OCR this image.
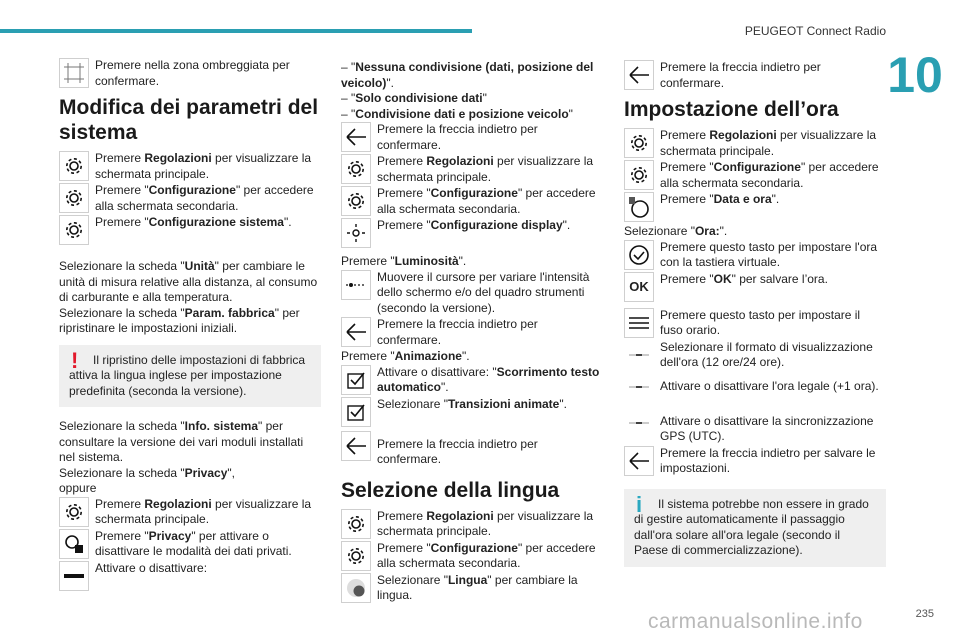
PEUGEOT Connect Radio
10
Premere nella zona ombreggiata per confermare.
Modifica dei parametri del sistema
Premere Regolazioni per visualizzare la schermata principale.
Premere "Configurazione" per accedere alla schermata secondaria.
Premere "Configurazione sistema".

Selezionare la scheda "Unità" per cambiare le unità di misura relative alla distanza, al consumo di carburante e alla temperatura.

Selezionare la scheda "Param. fabbrica" per ripristinare le impostazioni iniziali.

!	Il ripristino delle impostazioni di fabbrica attiva la lingua inglese per impostazione predefinita (seconda la versione).

Selezionare la scheda "Info. sistema" per consultare la versione dei vari moduli installati nel sistema.

Selezionare la scheda "Privacy",

oppure

Premere Regolazioni per visualizzare la schermata principale.
Premere "Privacy" per attivare o disattivare le modalità dei dati privati.
Attivare o disattivare:
– "Nessuna condivisione (dati, posizione del veicolo)".
– "Solo condivisione dati"
– "Condivisione dati e posizione veicolo"
Premere la freccia indietro per confermare.
Premere Regolazioni per visualizzare la schermata principale.
Premere "Configurazione" per accedere alla schermata secondaria.
Premere "Configurazione display".

Premere "Luminosità".

Muovere il cursore per variare l'intensità dello schermo e/o del quadro strumenti (secondo la versione).
Premere la freccia indietro per confermare.

Premere "Animazione".

Attivare o disattivare: "Scorrimento testo automatico".
Selezionare "Transizioni animate".
Premere la freccia indietro per confermare.
Selezione della lingua
Premere Regolazioni per visualizzare la schermata principale.
Premere "Configurazione" per accedere alla schermata secondaria.
Selezionare "Lingua" per cambiare la lingua.
Premere la freccia indietro per confermare.
Impostazione dell’ora
Premere Regolazioni per visualizzare la schermata principale.
Premere "Configurazione" per accedere alla schermata secondaria.
Premere "Data e ora".

Selezionare "Ora:".

Premere questo tasto per impostare l'ora con la tastiera virtuale.
OK
Premere "OK" per salvare l’ora.
Premere questo tasto per impostare il fuso orario.
Selezionare il formato di visualizzazione dell'ora (12 ore/24 ore).
Attivare o disattivare l'ora legale (+1 ora).
Attivare o disattivare la sincronizzazione GPS (UTC).
Premere la freccia indietro per salvare le impostazioni.
i	Il sistema potrebbe non essere in grado di gestire automaticamente il passaggio dall'ora solare all'ora legale (secondo il Paese di commercializzazione).
carmanualsonline.info	235
